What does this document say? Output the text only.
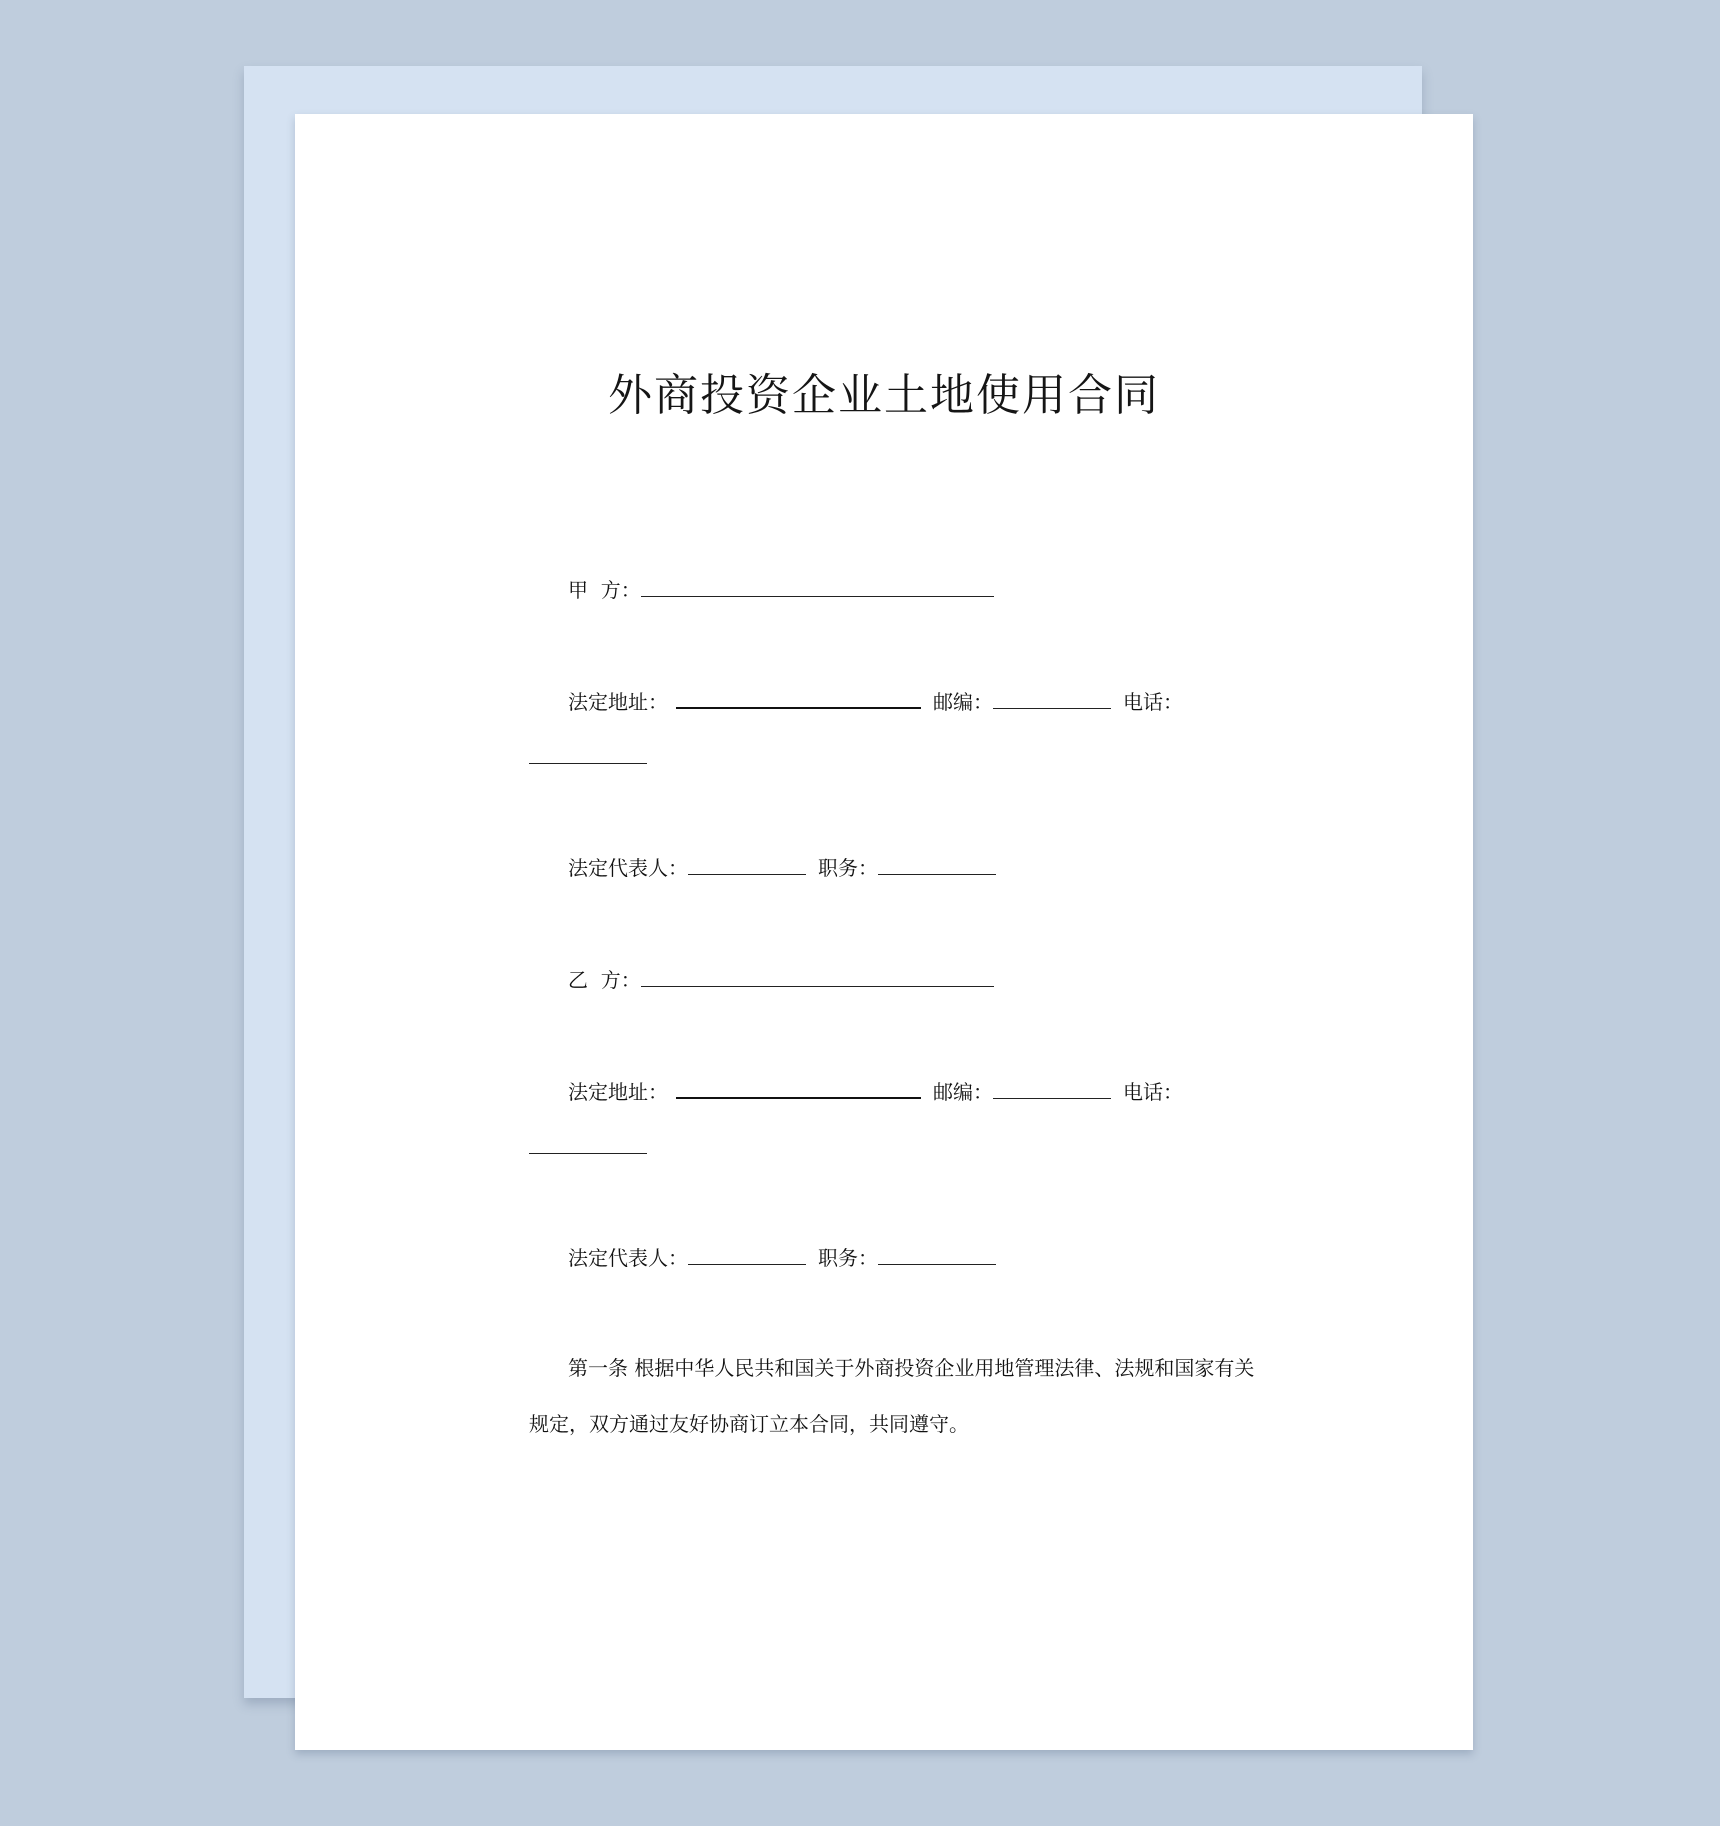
外商投资企业土地使用合同
甲  方：
法定地址：	邮编：	电话：
法定代表人：	职务：
乙  方：
法定地址：	邮编：	电话：
法定代表人：	职务：
第一条 根据中华人民共和国关于外商投资企业用地管理法律、法规和国家有关
规定，双方通过友好协商订立本合同，共同遵守。
